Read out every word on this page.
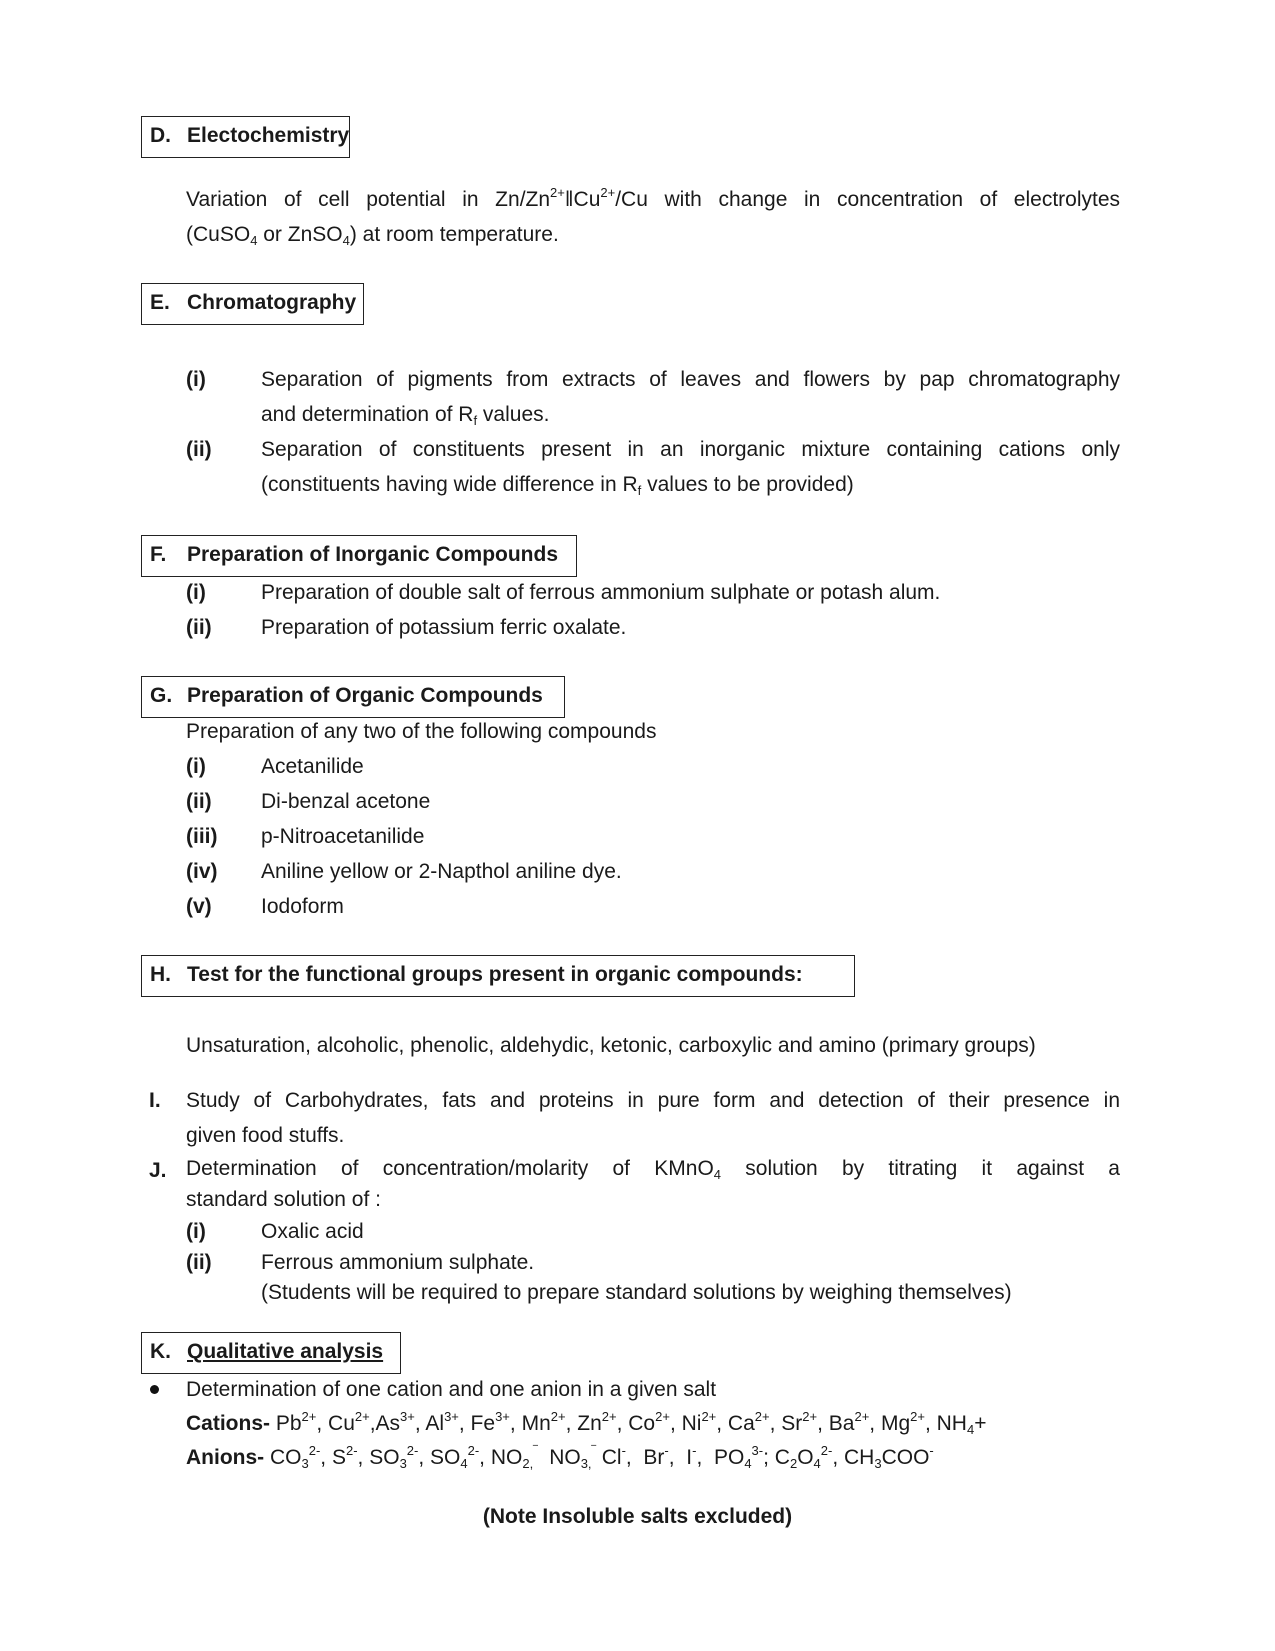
D. Electochemistry
Variation of cell potential in $Zn/Zn^{2+}‖Cu^{2+}/Cu$ with change in concentration of electrolytes
(CuSO$_4$ or ZnSO$_4$) at room temperature.
E. Chromatography
(i)	Separation of pigments from extracts of leaves and flowers by pap chromatography
and determination of $R_f$ values.
(ii) Separation of constituents present in an inorganic mixture containing cations only
(constituents having wide difference in $R_f$ values to be provided)
F. Preparation of Inorganic Compounds
(i)	Preparation of double salt of ferrous ammonium sulphate or potash alum.
(ii) Preparation of potassium ferric oxalate.
G. Preparation of Organic Compounds
Preparation of any two of the following compounds
(i)	Acetanilide
(ii) Di-benzal acetone
(iii) p-Nitroacetanilide
(iv) Aniline yellow or 2-Napthol aniline dye.
(v) Iodoform
H. Test for the functional groups present in organic compounds:
Unsaturation, alcoholic, phenolic, aldehydic, ketonic, carboxylic and amino (primary groups)
I. Study of Carbohydrates, fats and proteins in pure form and detection of their presence in
given food stuffs.
J. Determination of concentration/molarity of KMnO$_4$ solution by titrating it against a
standard solution of :
(i)	Oxalic acid
(ii) Ferrous ammonium sulphate.
(Students will be required to prepare standard solutions by weighing themselves)
K. Qualitative analysis
Determination of one cation and one anion in a given salt
Cations- $Pb^{2+}$, $Cu^{2+},As^{3+}$, $Al^{3+}$, $Fe^{3+}$, $Mn^{2+}$, $Zn^{2+}$, $Co^{2+}$, $Ni^{2+}$, $Ca^{2+}$, $Sr^{2+}$, $Ba^{2+}$, $Mg^{2+}$, $NH_4+$
Anions- $CO_3^{2-}$, $S^{2-}$, $SO_3^{2-}$, $SO_4^{2-}$, $NO_{2,}^‾$  $NO_{3,}^‾$ Cl-,  Br-,  I-,  $PO_4^{3-}$; $C_2O_4^{2-}$, $CH_3COO^-$
(Note Insoluble salts excluded)
